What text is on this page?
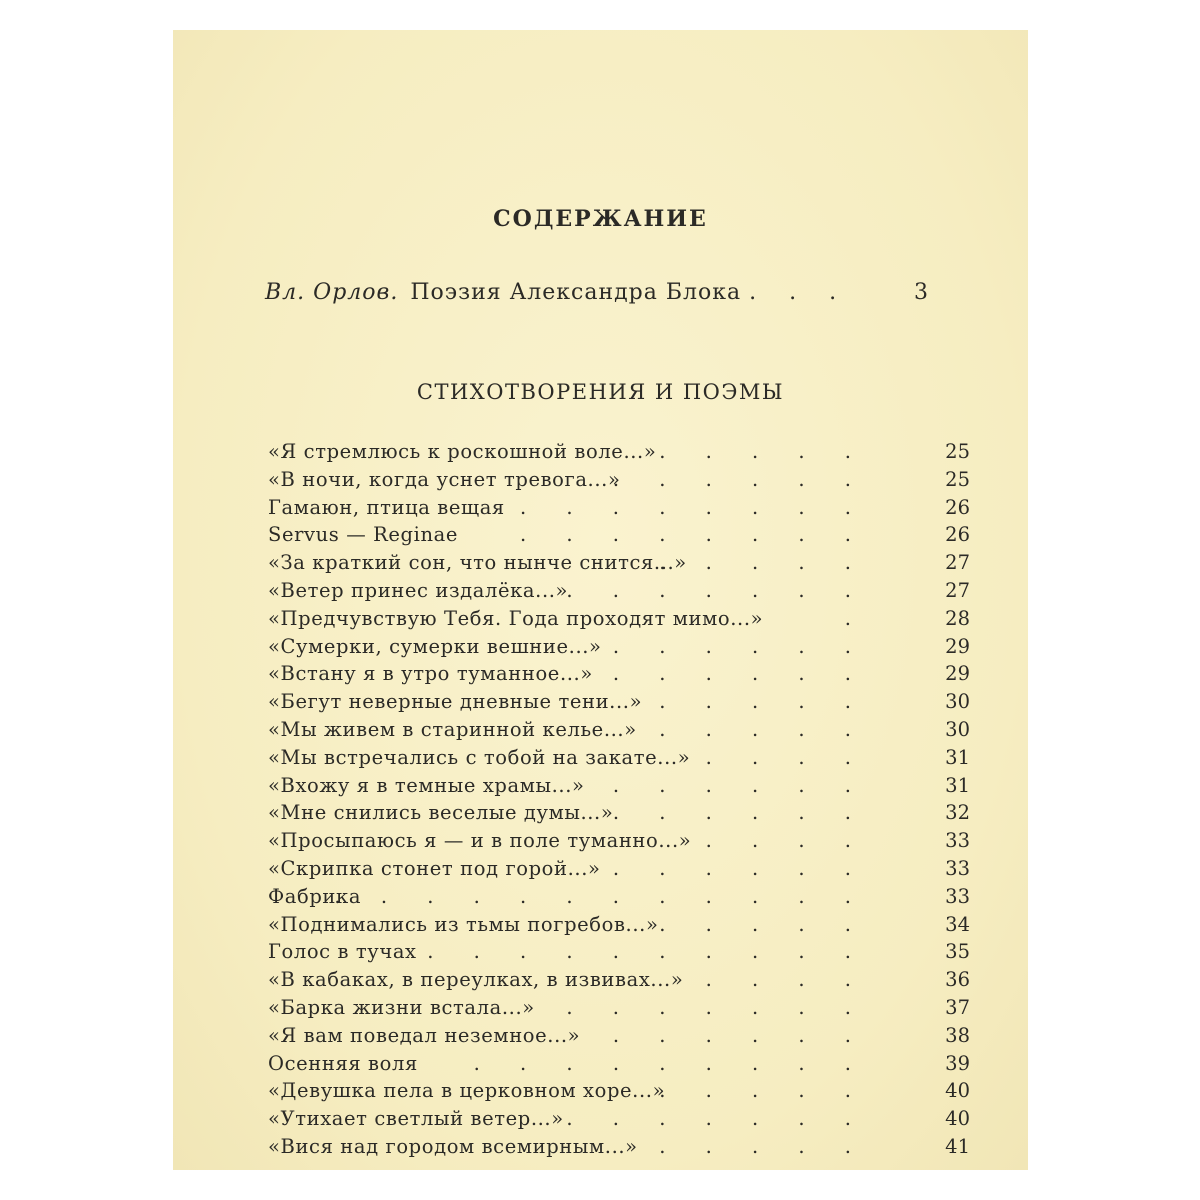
СОДЕРЖАНИЕ
Вл. Орлов. Поэзия Александра Блока . . .	3
СТИХОТВОРЕНИЯ И ПОЭМЫ
. . . . .
«Я стремлюсь к роскошной воле...»	25
. . . . . .
«В ночи, когда уснет тревога...»	25
. . . . . . . .
Гамаюн, птица вещая	26
. . . . . . . .
Servus — Reginae	26
. . . . .
«За краткий сон, что нынче снится...»	27
. . . . . . .
«Ветер принес издалёка...»	27
.
«Предчувствую Тебя. Года проходят мимо...»	28
. . . . . .
«Сумерки, сумерки вешние...»	29
. . . . . .
«Встану я в утро туманное...»	29
. . . . .
«Бегут неверные дневные тени...»	30
. . . . .
«Мы живем в старинной келье...»	30
. . . .
«Мы встречались с тобой на закате...»	31
. . . . . .
«Вхожу я в темные храмы...»	31
. . . . . .
«Мне снились веселые думы...»	32
. . . .
«Просыпаюсь я — и в поле туманно...»	33
. . . . . .
«Скрипка стонет под горой...»	33
. . . . . . . . . . . .
Фабрика	33
. . . . .
«Поднимались из тьмы погребов...»	34
. . . . . . . . . .
Голос в тучах	35
. . . .
«В кабаках, в переулках, в извивах...»	36
. . . . . . .
«Барка жизни встала...»	37
. . . . . .
«Я вам поведал неземное...»	38
. . . . . . . . .
Осенняя воля	39
. . . . .
«Девушка пела в церковном хоре...»	40
. . . . . . .
«Утихает светлый ветер...»	40
. . . . .
«Вися над городом всемирным...»	41
